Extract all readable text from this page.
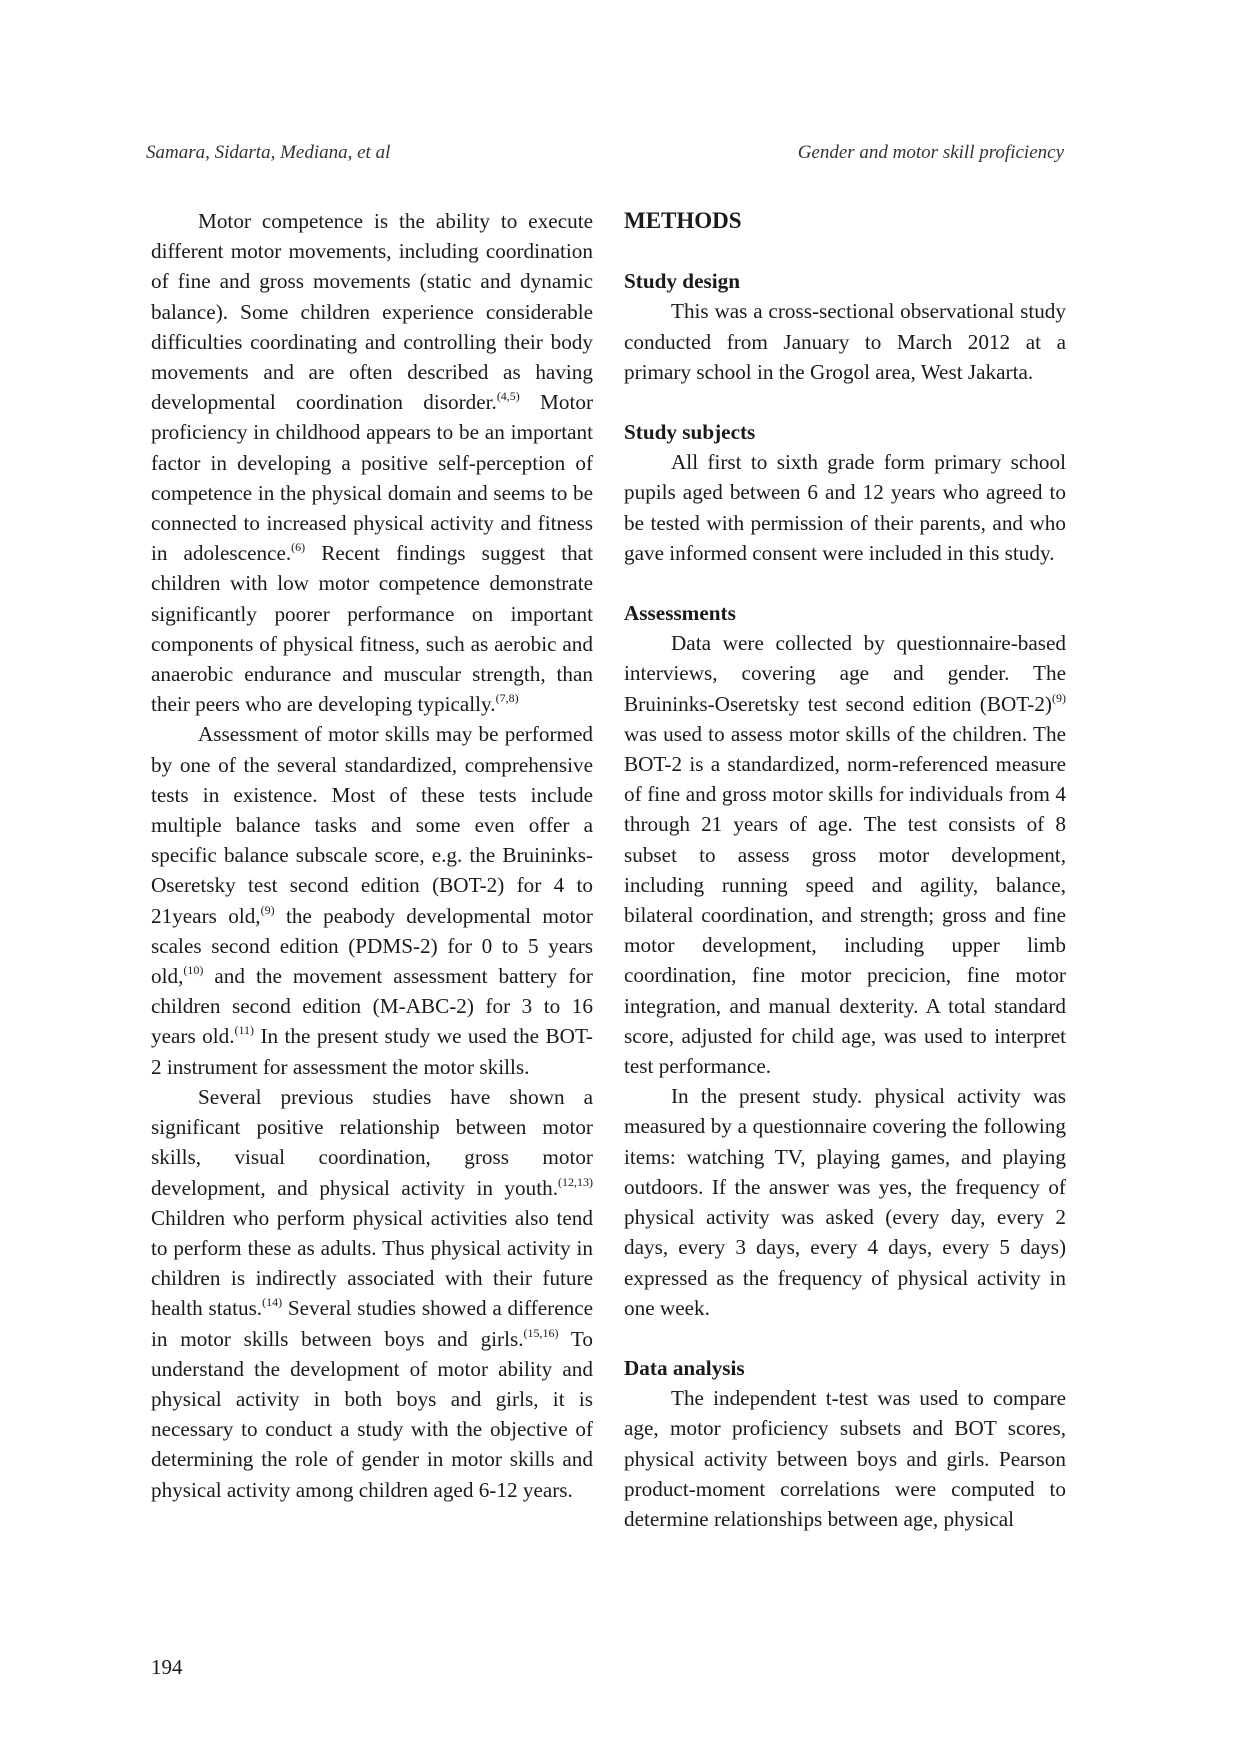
Samara, Sidarta, Mediana, et al	Gender and motor skill proficiency

Motor competence is the ability to execute different motor movements, including coordination of fine and gross movements (static and dynamic balance). Some children experience considerable difficulties coordinating and controlling their body movements and are often described as having developmental coordination disorder.$^{(4,5)}$ Motor proficiency in childhood appears to be an important factor in developing a positive self-perception of competence in the physical domain and seems to be connected to increased physical activity and fitness in adolescence.$^{(6)}$ Recent findings suggest that children with low motor competence demonstrate significantly poorer performance on important components of physical fitness, such as aerobic and anaerobic endurance and muscular strength, than their peers who are developing typically.$^{(7,8)}$

Assessment of motor skills may be performed by one of the several standardized, comprehensive tests in existence. Most of these tests include multiple balance tasks and some even offer a specific balance subscale score, e.g. the Bruininks-Oseretsky test second edition (BOT-2) for 4 to 21years old,$^{(9)}$ the peabody developmental motor scales second edition (PDMS-2) for 0 to 5 years old,$^{(10)}$ and the movement assessment battery for children second edition (M-ABC-2) for 3 to 16 years old.$^{(11)}$ In the present study we used the BOT-2 instrument for assessment the motor skills.

Several previous studies have shown a significant positive relationship between motor skills, visual coordination, gross motor development, and physical activity in youth.$^{(12,13)}$ Children who perform physical activities also tend to perform these as adults. Thus physical activity in children is indirectly associated with their future health status.$^{(14)}$ Several studies showed a difference in motor skills between boys and girls.$^{(15,16)}$ To understand the development of motor ability and physical activity in both boys and girls, it is necessary to conduct a study with the objective of determining the role of gender in motor skills and physical activity among children aged 6-12 years.

METHODS
Study design

This was a cross-sectional observational study conducted from January to March 2012 at a primary school in the Grogol area, West Jakarta.

Study subjects

All first to sixth grade form primary school pupils aged between 6 and 12 years who agreed to be tested with permission of their parents, and who gave informed consent were included in this study.

Assessments

Data were collected by questionnaire-based interviews, covering age and gender. The Bruininks-Oseretsky test second edition $(BOT-2)^{(9)}$ was used to assess motor skills of the children. The BOT-2 is a standardized, norm-referenced measure of fine and gross motor skills for individuals from 4 through 21 years of age. The test consists of 8 subset to assess gross motor development, including running speed and agility, balance, bilateral coordination, and strength; gross and fine motor development, including upper limb coordination, fine motor precicion, fine motor integration, and manual dexterity. A total standard score, adjusted for child age, was used to interpret test performance.

In the present study. physical activity was measured by a questionnaire covering the following items: watching TV, playing games, and playing outdoors. If the answer was yes, the frequency of physical activity was asked (every day, every 2 days, every 3 days, every 4 days, every 5 days) expressed as the frequency of physical activity in one week.

Data analysis

The independent t-test was used to compare age, motor proficiency subsets and BOT scores, physical activity between boys and girls. Pearson product-moment correlations were computed to determine relationships between age, physical

194
